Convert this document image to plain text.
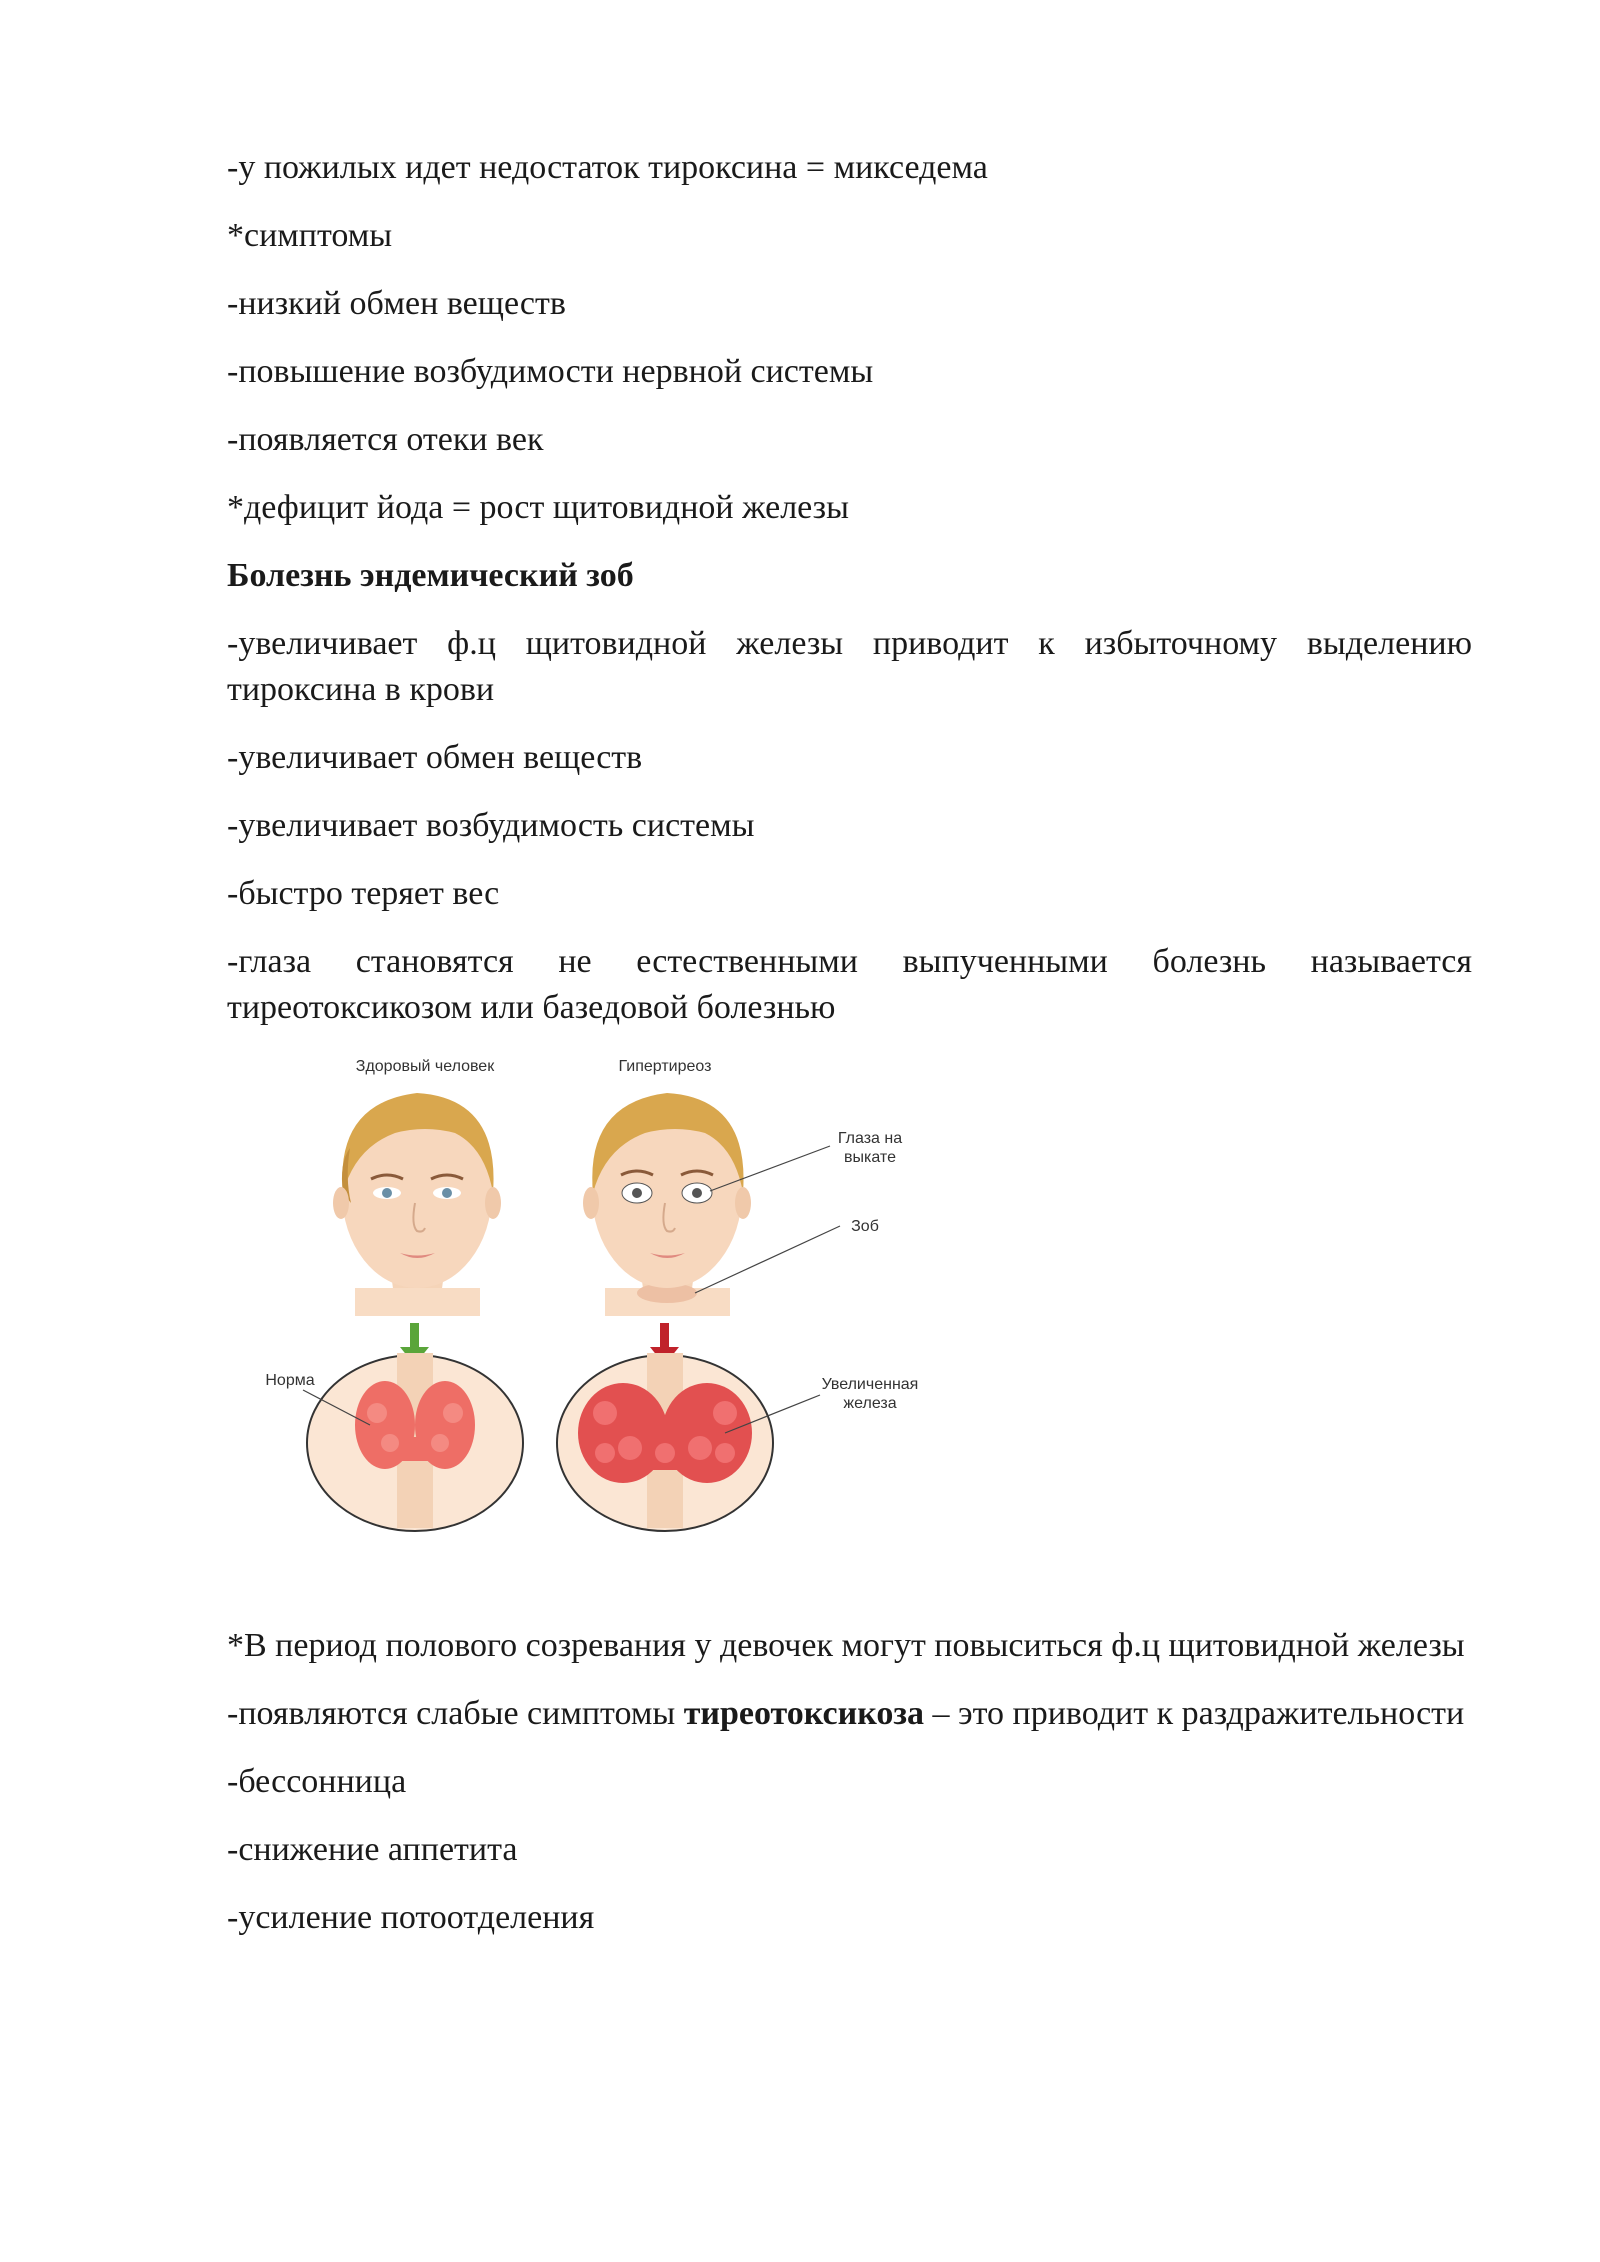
-у пожилых идет недостаток тироксина = микседема

*симптомы

-низкий обмен веществ

-повышение возбудимости нервной системы

-появляется отеки век

*дефицит йода = рост щитовидной железы

Болезнь эндемический зоб

-увеличивает ф.ц щитовидной железы приводит к избыточному выделению тироксина в крови

-увеличивает обмен веществ

-увеличивает возбудимость системы

-быстро теряет вес

-глаза становятся не естественными выпученными болезнь называется тиреотоксикозом или базедовой болезнью

Здоровый человек	Гипертиреоз
Глаза на выкате
Зоб
Норма	Увеличенная железа

*В период полового созревания у девочек могут повыситься ф.ц щитовидной железы

-появляются слабые симптомы тиреотоксикоза – это приводит к раздражительности

-бессонница

-снижение аппетита

-усиление потоотделения
